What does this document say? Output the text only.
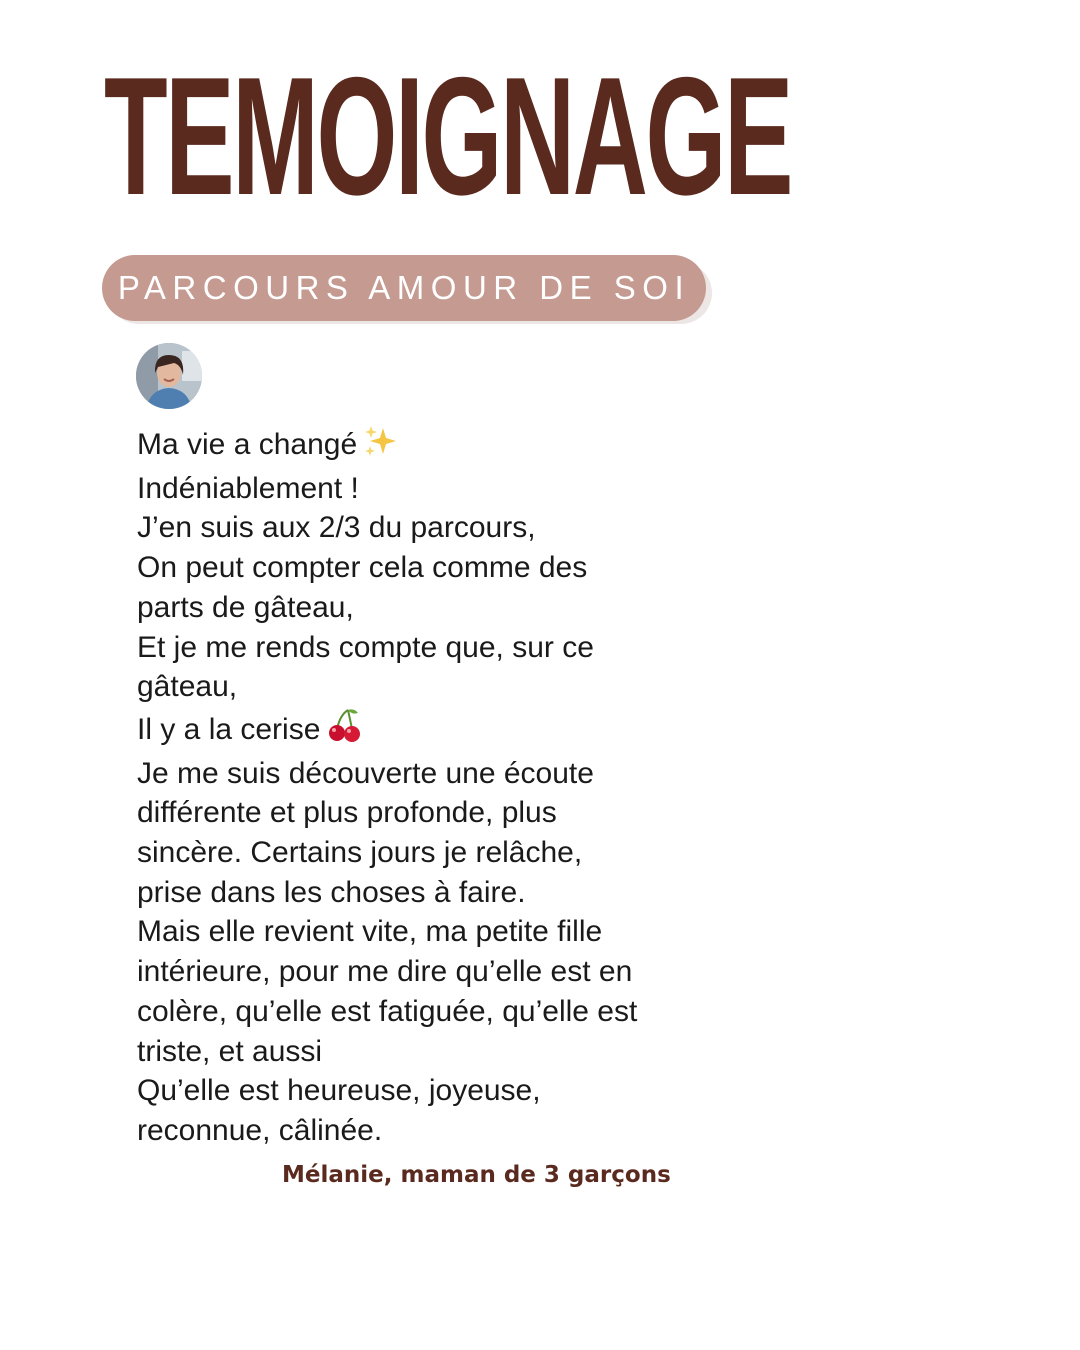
TEMOIGNAGE
PARCOURS AMOUR DE SOI
Ma vie a changé
Indéniablement !
J’en suis aux 2/3 du parcours,
On peut compter cela comme des
parts de gâteau,
Et je me rends compte que, sur ce
gâteau,
Il y a la cerise
Je me suis découverte une écoute
différente et plus profonde, plus
sincère. Certains jours je relâche,
prise dans les choses à faire.
Mais elle revient vite, ma petite fille
intérieure, pour me dire qu’elle est en
colère, qu’elle est fatiguée, qu’elle est
triste, et aussi
Qu’elle est heureuse, joyeuse,
reconnue, câlinée.
Mélanie, maman de 3 garçons
